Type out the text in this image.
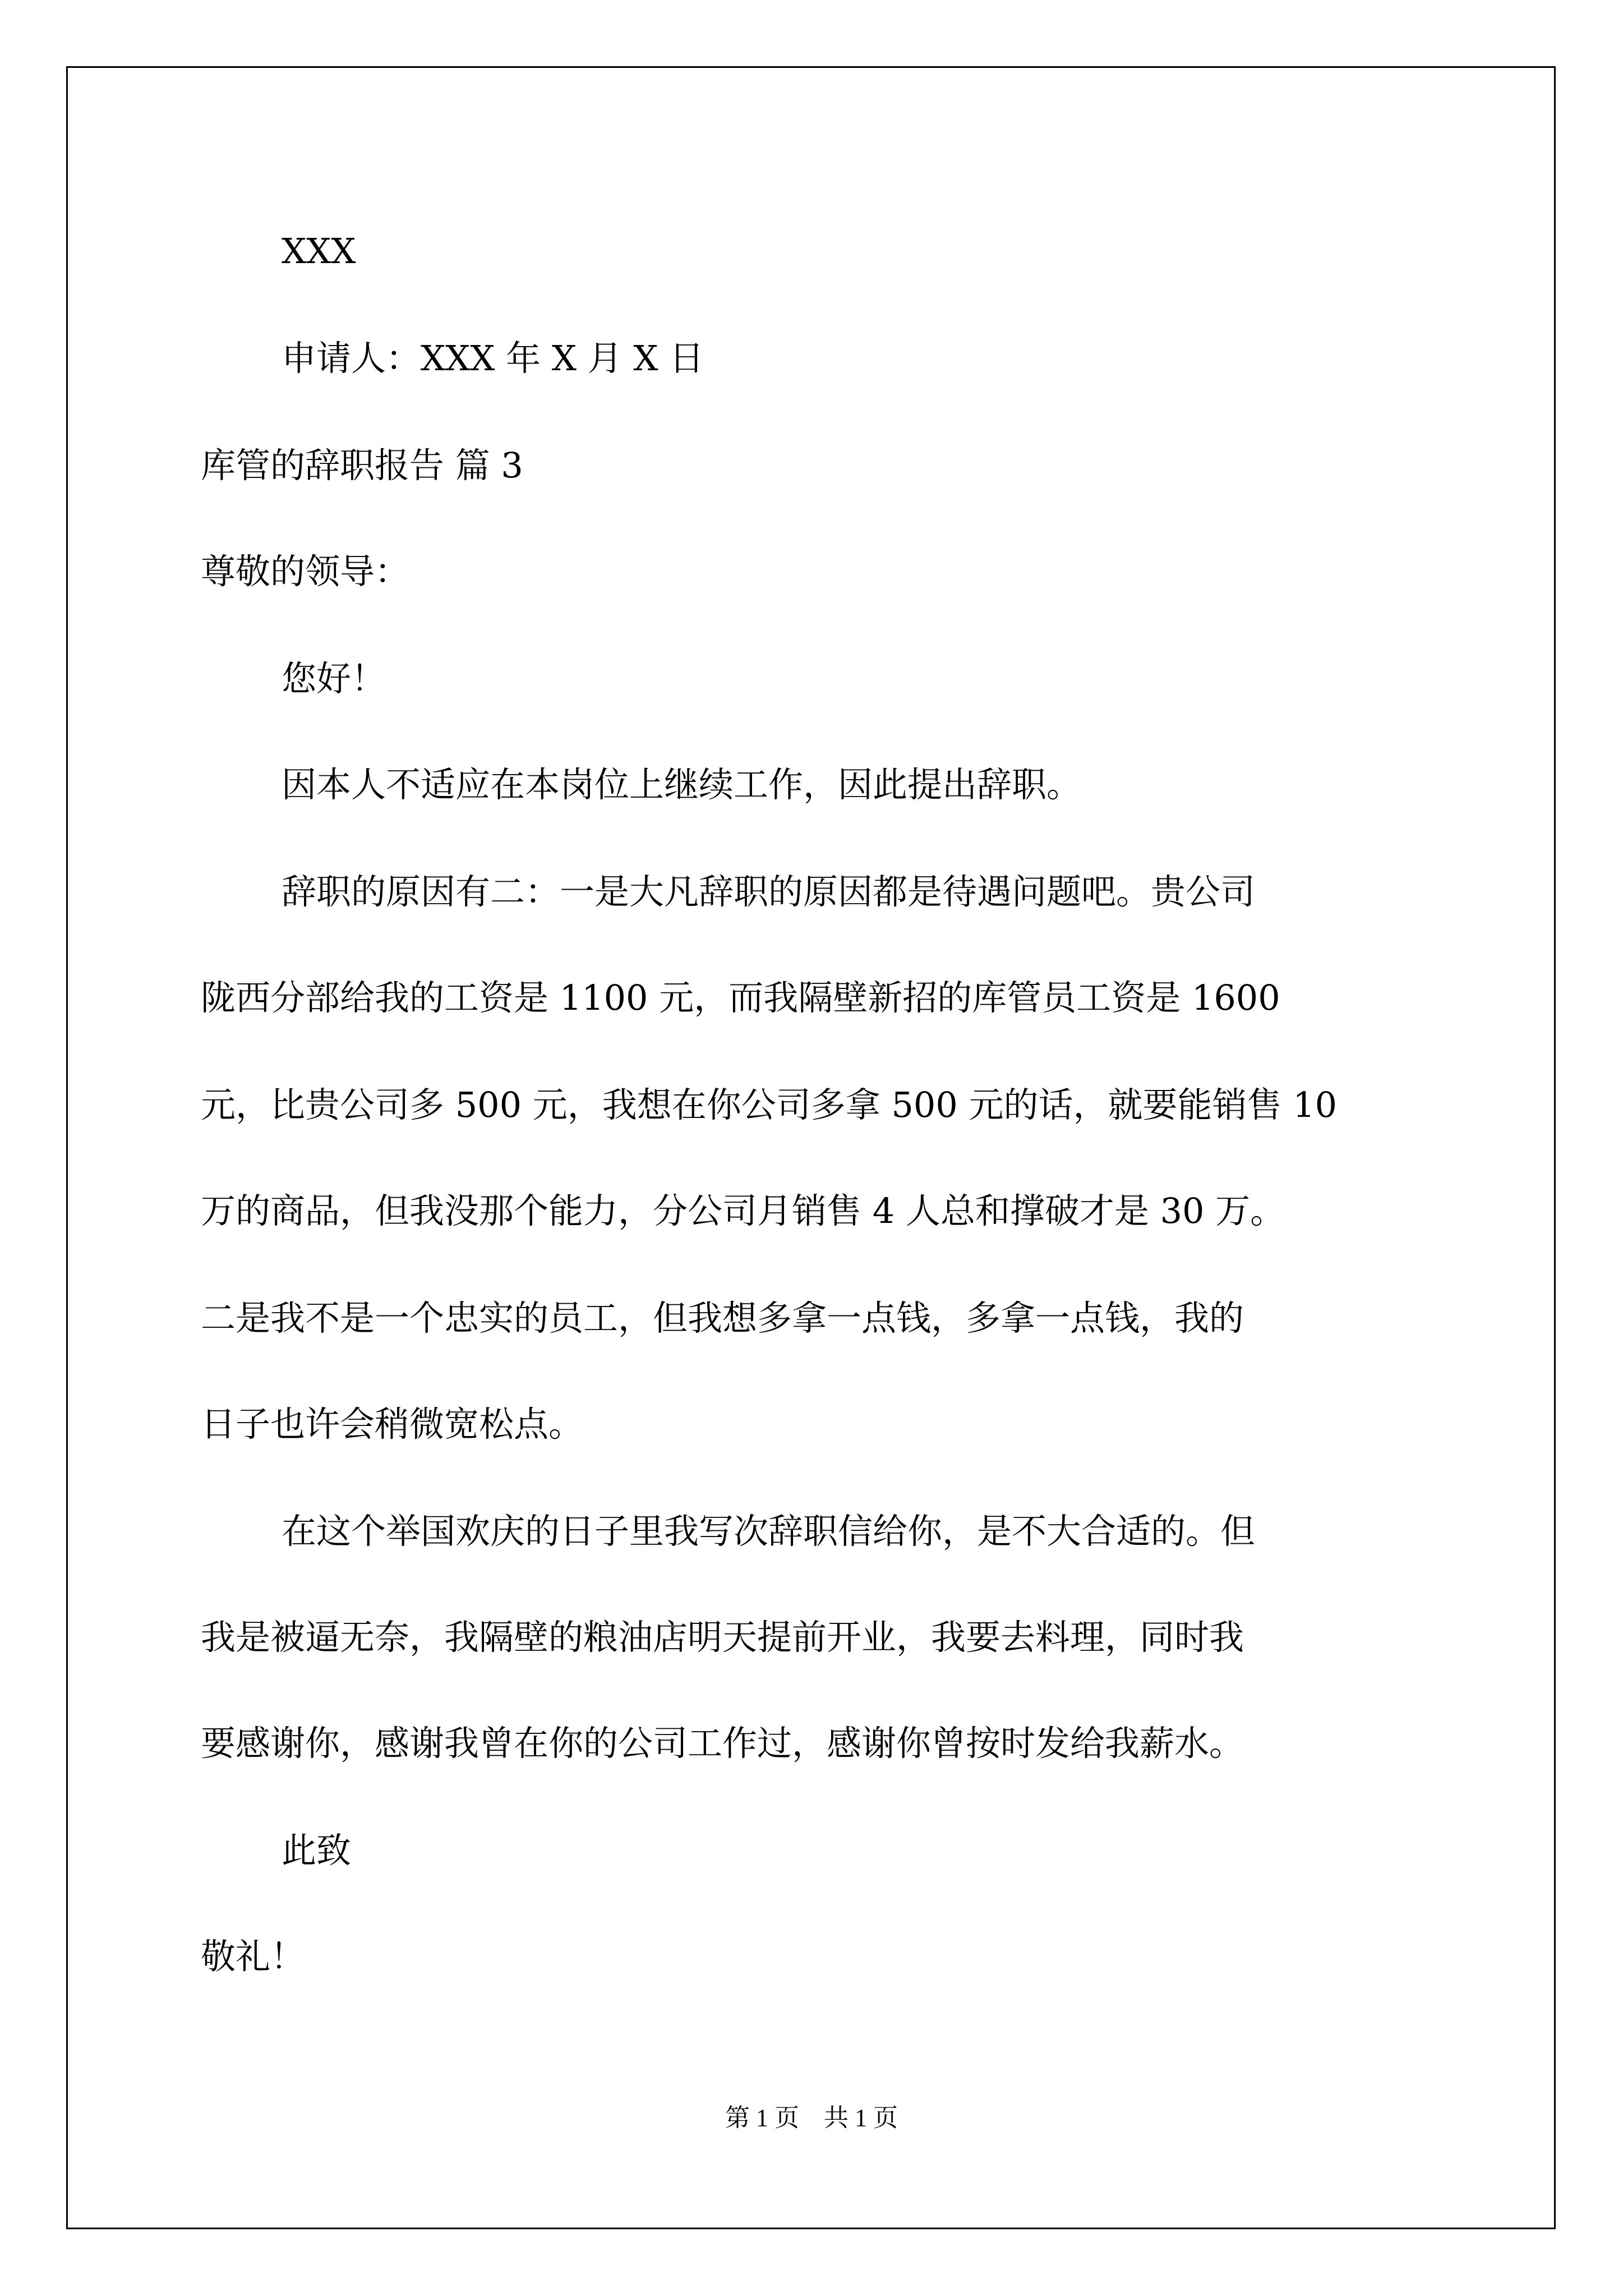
XXX
申请人：XXX 年 X 月 X 日
库管的辞职报告 篇 3
尊敬的领导：
您好！
因本人不适应在本岗位上继续工作，因此提出辞职。
辞职的原因有二：一是大凡辞职的原因都是待遇问题吧。贵公司
陇西分部给我的工资是 1100 元，而我隔壁新招的库管员工资是 1600
元，比贵公司多 500 元，我想在你公司多拿 500 元的话，就要能销售 10
万的商品，但我没那个能力，分公司月销售 4 人总和撑破才是 30 万。
二是我不是一个忠实的员工，但我想多拿一点钱，多拿一点钱，我的
日子也许会稍微宽松点。
在这个举国欢庆的日子里我写次辞职信给你，是不大合适的。但
我是被逼无奈，我隔壁的粮油店明天提前开业，我要去料理，同时我
要感谢你，感谢我曾在你的公司工作过，感谢你曾按时发给我薪水。
此致
敬礼！
第 1 页　共 1 页
